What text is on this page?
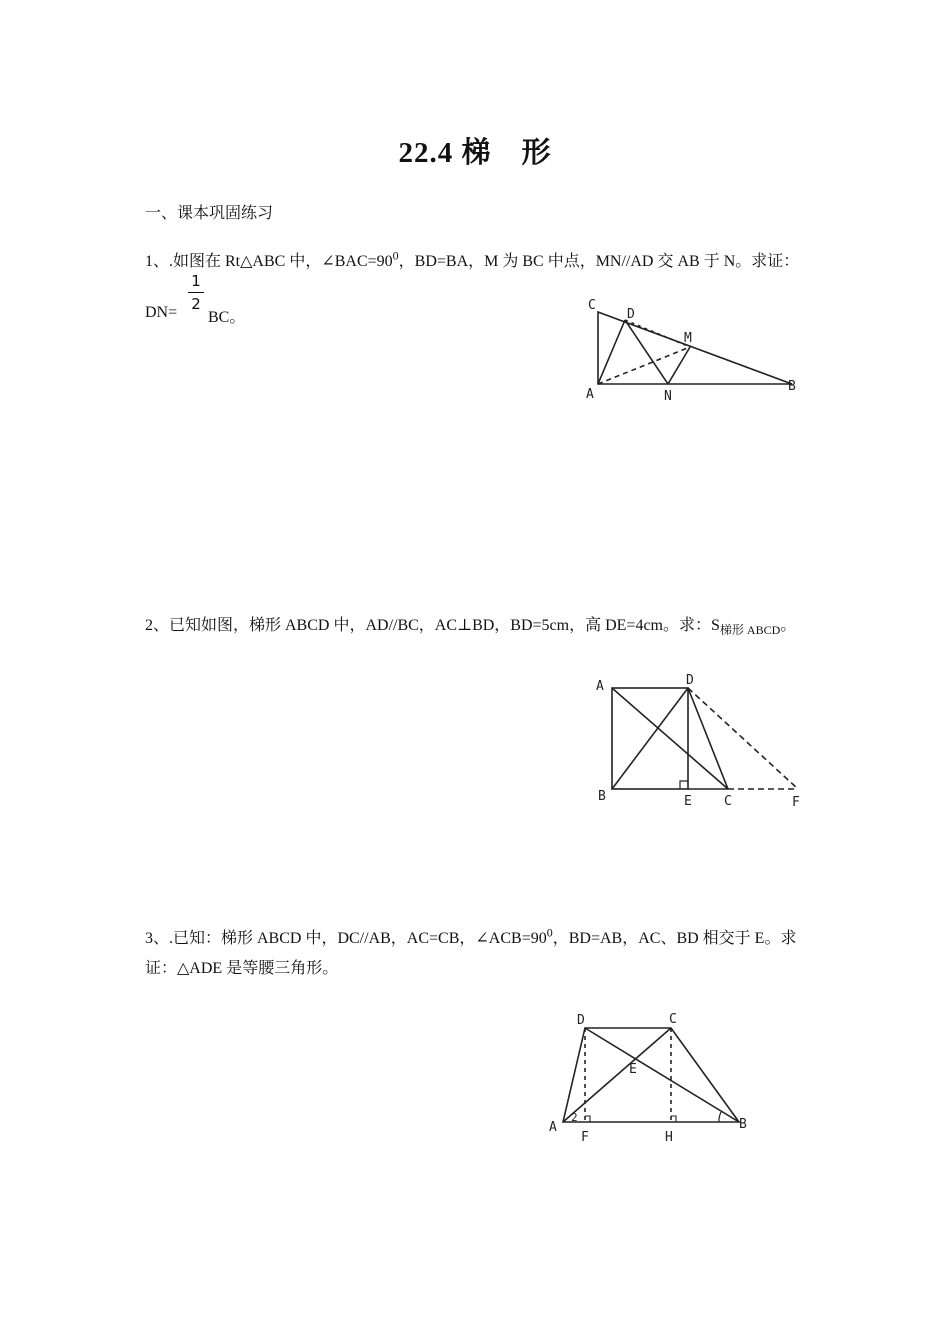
22.4 梯　形
一、课本巩固练习
1、.如图在 Rt△ABC 中，$\angle BAC=90^0$，BD=BA，M 为 BC 中点，MN//AD 交 AB 于 N。求证：
DN=
1
2
BC。
C
D
M
A	N
B
2、已知如图，梯形 ABCD 中，AD//BC，AC⊥BD，BD=5cm，高 DE=4cm。求：$S_{梯形 ABCD}$。
A	D
B	E C	F
3、.已知：梯形 ABCD 中，DC//AB，AC=CB，$\angle ACB=90^0$，BD=AB，AC、BD 相交于 E。求
证：△ADE 是等腰三角形。
D	C
E
A
F	H
B
2
